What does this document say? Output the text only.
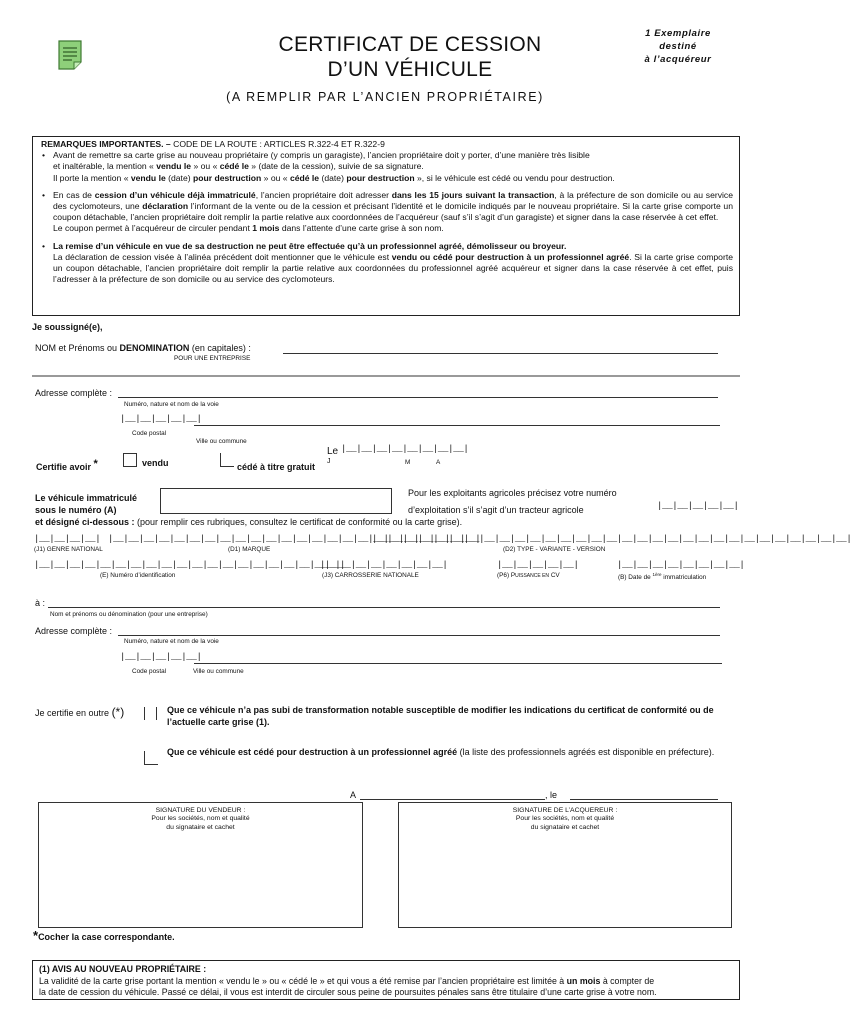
CERTIFICAT DE CESSION
D’UN VÉHICULE
1 Exemplaire
destiné
à l’acquéreur
(A REMPLIR PAR L’ANCIEN PROPRIÉTAIRE)
REMARQUES IMPORTANTES. – CODE DE LA ROUTE : ARTICLES R.322-4 ET R.322-9

• Avant de remettre sa carte grise au nouveau propriétaire (y compris un garagiste), l’ancien propriétaire doit y porter, d’une manière très lisible
et inaltérable, la mention « vendu le » ou « cédé le » (date de la cession), suivie de sa signature.
Il porte la mention « vendu le (date) pour destruction » ou « cédé le (date) pour destruction », si le véhicule est cédé ou vendu pour destruction.

• En cas de cession d’un véhicule déjà immatriculé, l’ancien propriétaire doit adresser dans les 15 jours suivant la transaction, à la préfecture de son domicile ou au service des cyclomoteurs, une déclaration l’informant de la vente ou de la cession et précisant l’identité et le domicile indiqués par le nouveau propriétaire. Si la carte grise comporte un coupon détachable, l’ancien propriétaire doit remplir la partie relative aux coordonnées de l’acquéreur (sauf s’il s’agit d’un garagiste) et signer dans la case réservée à cet effet.
Le coupon permet à l’acquéreur de circuler pendant 1 mois dans l’attente d’une carte grise à son nom.

• La remise d’un véhicule en vue de sa destruction ne peut être effectuée qu’à un professionnel agréé, démolisseur ou broyeur.
La déclaration de cession visée à l’alinéa précédent doit mentionner que le véhicule est vendu ou cédé pour destruction à un professionnel agréé. Si la carte grise comporte un coupon détachable, l’ancien propriétaire doit remplir la partie relative aux coordonnées du professionnel agréé acquéreur et signer dans la case réservée à cet effet, puis l’adresser à la préfecture de son domicile ou au service des cyclomoteurs.

Je soussigné(e),
NOM et Prénoms ou DENOMINATION (en capitales) :
POUR UNE ENTREPRISE
Adresse complète :
Numéro, nature et nom de la voie
|__|__|__|__|__|
Code postal
Ville ou commune
Certifie avoir *	vendu	cédé à titre gratuit
J
Le |__|__|__|__|__|__|__|__|
M	A
Le véhicule immatriculé
sous le numéro (A)
Pour les exploitants agricoles précisez votre numéro
d’exploitation s’il s’agit d’un tracteur agricole	|__|__|__|__|__|
et désigné ci-dessous : (pour remplir ces rubriques, consultez le certificat de conformité ou la carte grise).
|__|__|__|__| |__|__|__|__|__|__|__|__|__|__|__|__|__|__|__|__|__|__|__|__|__|__|__|__|
|__|__|__|__|__|__|__|__|__|__|__|__|__|__|__|__|__|__|__|__|__|__|__|__|__|__|__|__|__|__|__|
(J1) GENRE NATIONAL	(D1) MARQUE	(D2) TYPE - VARIANTE - VERSION
|__|__|__|__|__|__|__|__|__|__|__|__|__|__|__|__|__|__|__|__|
|__|__|__|__|__|__|__|__|	|__|__|__|__|__|	|__|__|__|__|__|__|__|__|
(E) Numéro d’identification	(J3) CARROSSERIE NATIONALE	(P6) PUISSANCE EN CV	(B) Date de $^{1ère}$ immatriculation
à :
Nom et prénoms ou dénomination (pour une entreprise)
Adresse complète :
Numéro, nature et nom de la voie
|__|__|__|__|__|
Code postal	Ville ou commune
Je certifie en outre (*)	Que ce véhicule n’a pas subi de transformation notable susceptible de modifier les indications du certificat de conformité ou de l’actuelle carte grise (1).
Que ce véhicule est cédé pour destruction à un professionnel agréé (la liste des professionnels agréés est disponible en préfecture).
A	, le
SIGNATURE DU VENDEUR :
Pour les sociétés, nom et qualité
du signataire et cachet
SIGNATURE DE L’ACQUEREUR :
Pour les sociétés, nom et qualité
du signataire et cachet
*Cocher la case correspondante.
(1) AVIS AU NOUVEAU PROPRIÉTAIRE :
La validité de la carte grise portant la mention « vendu le » ou « cédé le » et qui vous a été remise par l’ancien propriétaire est limitée à un mois à compter de
la date de cession du véhicule. Passé ce délai, il vous est interdit de circuler sous peine de poursuites pénales sans être titulaire d’une carte grise à votre nom.
